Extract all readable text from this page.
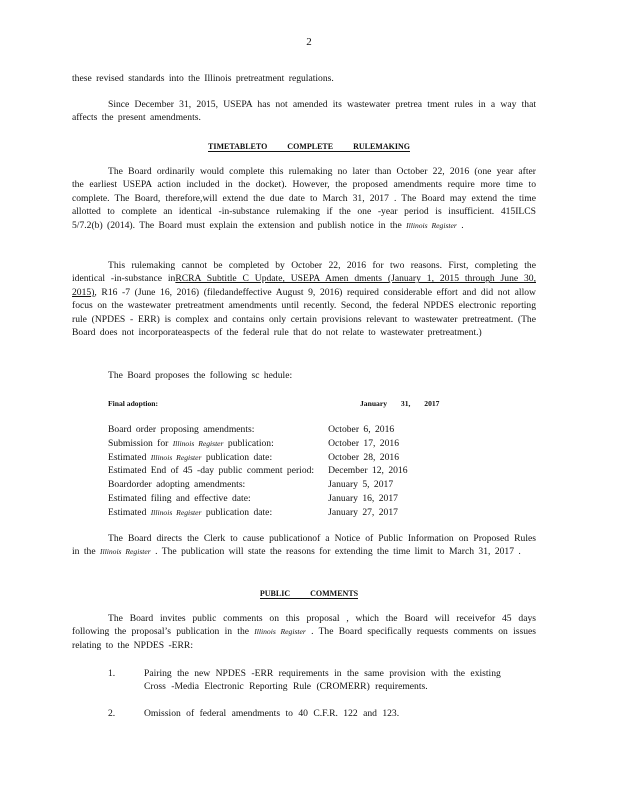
2
these revised standards into the Illinois pretreatment regulations.
Since December 31, 2015, USEPA has not amended its wastewater pretrea tment rules in a way that affects the present amendments.
TIMETABLETO COMPLETE RULEMAKING
The Board ordinarily would complete this rulemaking no later than October 22, 2016 (one year after the earliest USEPA action included in the docket). However, the proposed amendments require more time to complete. The Board, therefore,will extend the due date to March 31, 2017 . The Board may extend the time allotted to complete an identical -in-substance rulemaking if the one -year period is insufficient. 415ILCS 5/7.2(b) (2014). The Board must explain the extension and publish notice in the Illinois Register .
This rulemaking cannot be completed by October 22, 2016 for two reasons. First, completing the identical -in-substance inRCRA Subtitle C Update, USEPA Amen dments (January 1, 2015 through June 30, 2015), R16 -7 (June 16, 2016) (filedandeffective August 9, 2016) required considerable effort and did not allow focus on the wastewater pretreatment amendments until recently. Second, the federal NPDES electronic reporting rule (NPDES - ERR) is complex and contains only certain provisions relevant to wastewater pretreatment. (The Board does not incorporateaspects of the federal rule that do not relate to wastewater pretreatment.)
The Board proposes the following sc hedule:
Final adoption:	January 31, 2017
Board order proposing amendments:	October 6, 2016
Submission for Illinois Register publication:	October 17, 2016
Estimated Illinois Register publication date:	October 28, 2016
Estimated End of 45 -day public comment period:	December 12, 2016
Boardorder adopting amendments:	January 5, 2017
Estimated filing and effective date:	January 16, 2017
Estimated Illinois Register publication date:	January 27, 2017
The Board directs the Clerk to cause publicationof a Notice of Public Information on Proposed Rules in the Illinois Register . The publication will state the reasons for extending the time limit to March 31, 2017 .
PUBLIC COMMENTS
The Board invites public comments on this proposal , which the Board will receivefor 45 days following the proposal’s publication in the Illinois Register . The Board specifically requests comments on issues relating to the NPDES -ERR:
1.	Pairing the new NPDES -ERR requirements in the same provision with the existing Cross -Media Electronic Reporting Rule (CROMERR) requirements.
2.	Omission of federal amendments to 40 C.F.R. 122 and 123.
